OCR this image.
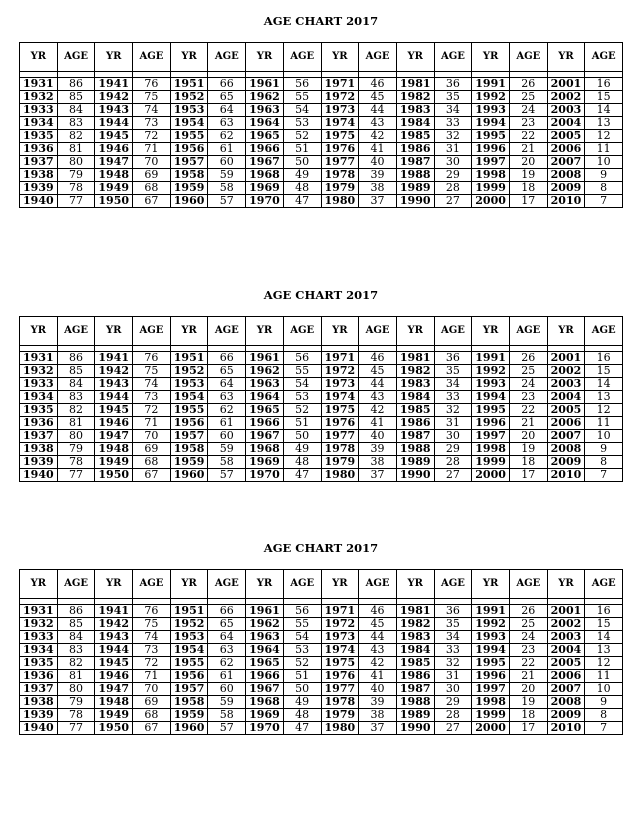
AGE CHART 2017
YR	AGE	YR	AGE	YR	AGE	YR	AGE	YR	AGE	YR	AGE	YR	AGE	YR	AGE

1931	86	1941	76	1951	66	1961	56	1971	46	1981	36	1991	26	2001	16
1932	85	1942	75	1952	65	1962	55	1972	45	1982	35	1992	25	2002	15
1933	84	1943	74	1953	64	1963	54	1973	44	1983	34	1993	24	2003	14
1934	83	1944	73	1954	63	1964	53	1974	43	1984	33	1994	23	2004	13
1935	82	1945	72	1955	62	1965	52	1975	42	1985	32	1995	22	2005	12
1936	81	1946	71	1956	61	1966	51	1976	41	1986	31	1996	21	2006	11
1937	80	1947	70	1957	60	1967	50	1977	40	1987	30	1997	20	2007	10
1938	79	1948	69	1958	59	1968	49	1978	39	1988	29	1998	19	2008	9
1939	78	1949	68	1959	58	1969	48	1979	38	1989	28	1999	18	2009	8
1940	77	1950	67	1960	57	1970	47	1980	37	1990	27	2000	17	2010	7
AGE CHART 2017
YR	AGE	YR	AGE	YR	AGE	YR	AGE	YR	AGE	YR	AGE	YR	AGE	YR	AGE

1931	86	1941	76	1951	66	1961	56	1971	46	1981	36	1991	26	2001	16
1932	85	1942	75	1952	65	1962	55	1972	45	1982	35	1992	25	2002	15
1933	84	1943	74	1953	64	1963	54	1973	44	1983	34	1993	24	2003	14
1934	83	1944	73	1954	63	1964	53	1974	43	1984	33	1994	23	2004	13
1935	82	1945	72	1955	62	1965	52	1975	42	1985	32	1995	22	2005	12
1936	81	1946	71	1956	61	1966	51	1976	41	1986	31	1996	21	2006	11
1937	80	1947	70	1957	60	1967	50	1977	40	1987	30	1997	20	2007	10
1938	79	1948	69	1958	59	1968	49	1978	39	1988	29	1998	19	2008	9
1939	78	1949	68	1959	58	1969	48	1979	38	1989	28	1999	18	2009	8
1940	77	1950	67	1960	57	1970	47	1980	37	1990	27	2000	17	2010	7
AGE CHART 2017
YR	AGE	YR	AGE	YR	AGE	YR	AGE	YR	AGE	YR	AGE	YR	AGE	YR	AGE

1931	86	1941	76	1951	66	1961	56	1971	46	1981	36	1991	26	2001	16
1932	85	1942	75	1952	65	1962	55	1972	45	1982	35	1992	25	2002	15
1933	84	1943	74	1953	64	1963	54	1973	44	1983	34	1993	24	2003	14
1934	83	1944	73	1954	63	1964	53	1974	43	1984	33	1994	23	2004	13
1935	82	1945	72	1955	62	1965	52	1975	42	1985	32	1995	22	2005	12
1936	81	1946	71	1956	61	1966	51	1976	41	1986	31	1996	21	2006	11
1937	80	1947	70	1957	60	1967	50	1977	40	1987	30	1997	20	2007	10
1938	79	1948	69	1958	59	1968	49	1978	39	1988	29	1998	19	2008	9
1939	78	1949	68	1959	58	1969	48	1979	38	1989	28	1999	18	2009	8
1940	77	1950	67	1960	57	1970	47	1980	37	1990	27	2000	17	2010	7
